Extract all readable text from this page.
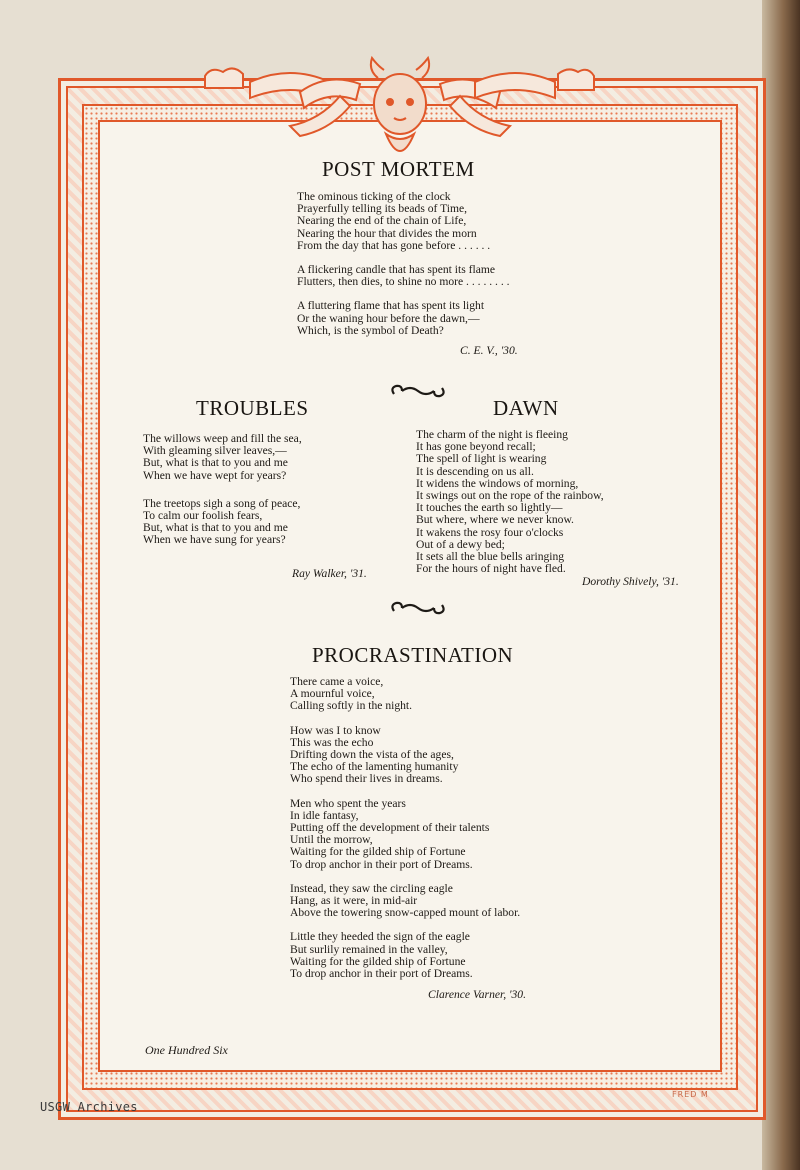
POST MORTEM
The ominous ticking of the clock
Prayerfully telling its beads of Time,
Nearing the end of the chain of Life,
Nearing the hour that divides the morn
From the day that has gone before . . . . . .
A flickering candle that has spent its flame
Flutters, then dies, to shine no more . . . . . . . .
A fluttering flame that has spent its light
Or the waning hour before the dawn,—
Which, is the symbol of Death?
C. E. V., '30.
TROUBLES
The willows weep and fill the sea,
With gleaming silver leaves,—
But, what is that to you and me
When we have wept for years?
The treetops sigh a song of peace,
To calm our foolish fears,
But, what is that to you and me
When we have sung for years?
Ray Walker, '31.
DAWN
The charm of the night is fleeing
It has gone beyond recall;
The spell of light is wearing
It is descending on us all.
It widens the windows of morning,
It swings out on the rope of the rainbow,
It touches the earth so lightly—
But where, where we never know.
It wakens the rosy four o'clocks
Out of a dewy bed;
It sets all the blue bells aringing
For the hours of night have fled.
Dorothy Shively, '31.
PROCRASTINATION
There came a voice,
A mournful voice,
Calling softly in the night.
How was I to know
This was the echo
Drifting down the vista of the ages,
The echo of the lamenting humanity
Who spend their lives in dreams.
Men who spent the years
In idle fantasy,
Putting off the development of their talents
Until the morrow,
Waiting for the gilded ship of Fortune
To drop anchor in their port of Dreams.
Instead, they saw the circling eagle
Hang, as it were, in mid-air
Above the towering snow-capped mount of labor.
Little they heeded the sign of the eagle
But surlily remained in the valley,
Waiting for the gilded ship of Fortune
To drop anchor in their port of Dreams.
Clarence Varner, '30.
One Hundred Six
FRED M
USGW Archives
